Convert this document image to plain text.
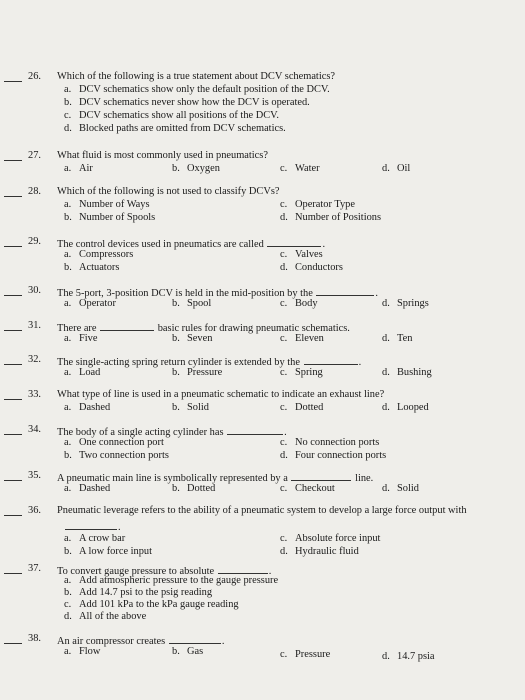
26. Which of the following is a true statement about DCV schematics?
a. DCV schematics show only the default position of the DCV.
b. DCV schematics never show how the DCV is operated.
c. DCV schematics show all positions of the DCV.
d. Blocked paths are omitted from DCV schematics.
27. What fluid is most commonly used in pneumatics?
a. Air	b. Oxygen	c. Water	d. Oil
28. Which of the following is not used to classify DCVs?
a. Number of Ways
b. Number of Spools
c. Operator Type
d. Number of Positions
29. The control devices used in pneumatics are called	.
a. Compressors
b. Actuators
c. Valves
d. Conductors
30. The 5-port, 3-position DCV is held in the mid-position by the	.
a. Operator	b. Spool	c. Body	d. Springs
31. There are	basic rules for drawing pneumatic schematics.
a. Five	b. Seven	c. Eleven	d. Ten
32. The single-acting spring return cylinder is extended by the	.
a. Load	b. Pressure	c. Spring	d. Bushing
33. What type of line is used in a pneumatic schematic to indicate an exhaust line?
a. Dashed	b. Solid	c. Dotted	d. Looped
34. The body of a single acting cylinder has	.
a. One connection port
b. Two connection ports
c. No connection ports
d. Four connection ports
35. A pneumatic main line is symbolically represented by a	line.
a. Dashed	b. Dotted	c. Checkout	d. Solid
36. Pneumatic leverage refers to the ability of a pneumatic system to develop a large force output with
.
a. A crow bar
b. A low force input
c. Absolute force input
d. Hydraulic fluid
37. To convert gauge pressure to absolute	.
a. Add atmospheric pressure to the gauge pressure
b. Add 14.7 psi to the psig reading
c. Add 101 kPa to the kPa gauge reading
d. All of the above
38. An air compressor creates	.
a. Flow	b. Gas	c. Pressure	d. 14.7 psia
